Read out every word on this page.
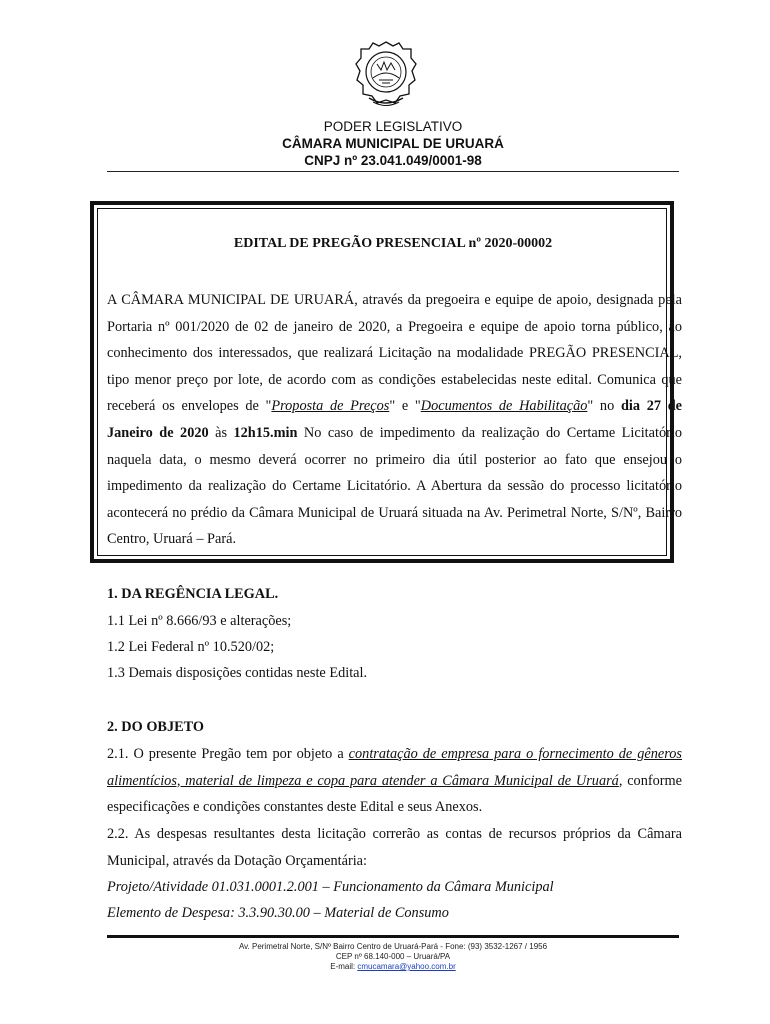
PODER LEGISLATIVO
CÂMARA MUNICIPAL DE URUARÁ
CNPJ nº 23.041.049/0001-98
EDITAL DE PREGÃO PRESENCIAL nº 2020-00002

A CÂMARA MUNICIPAL DE URUARÁ, através da pregoeira e equipe de apoio, designada pela Portaria nº 001/2020 de 02 de janeiro de 2020, a Pregoeira e equipe de apoio torna público, ao conhecimento dos interessados, que realizará Licitação na modalidade PREGÃO PRESENCIAL, tipo menor preço por lote, de acordo com as condições estabelecidas neste edital. Comunica que receberá os envelopes de "Proposta de Preços" e "Documentos de Habilitação" no dia 27 de Janeiro de 2020 às 12h15.min No caso de impedimento da realização do Certame Licitatório naquela data, o mesmo deverá ocorrer no primeiro dia útil posterior ao fato que ensejou o impedimento da realização do Certame Licitatório. A Abertura da sessão do processo licitatório acontecerá no prédio da Câmara Municipal de Uruará situada na Av. Perimetral Norte, S/Nº, Bairro Centro, Uruará – Pará.

1. DA REGÊNCIA LEGAL.
1.1 Lei nº 8.666/93 e alterações;
1.2 Lei Federal nº 10.520/02;
1.3 Demais disposições contidas neste Edital.
2. DO OBJETO

2.1. O presente Pregão tem por objeto a contratação de empresa para o fornecimento de gêneros alimentícios, material de limpeza e copa para atender a Câmara Municipal de Uruará, conforme especificações e condições constantes deste Edital e seus Anexos.

2.2. As despesas resultantes desta licitação correrão as contas de recursos próprios da Câmara Municipal, através da Dotação Orçamentária:

Projeto/Atividade 01.031.0001.2.001 – Funcionamento da Câmara Municipal
Elemento de Despesa: 3.3.90.30.00 – Material de Consumo
Av. Perimetral Norte, S/Nº Bairro Centro de Uruará-Pará - Fone: (93) 3532-1267 / 1956
CEP nº 68.140-000 – Uruará/PA
E-mail: cmucamara@yahoo.com.br
